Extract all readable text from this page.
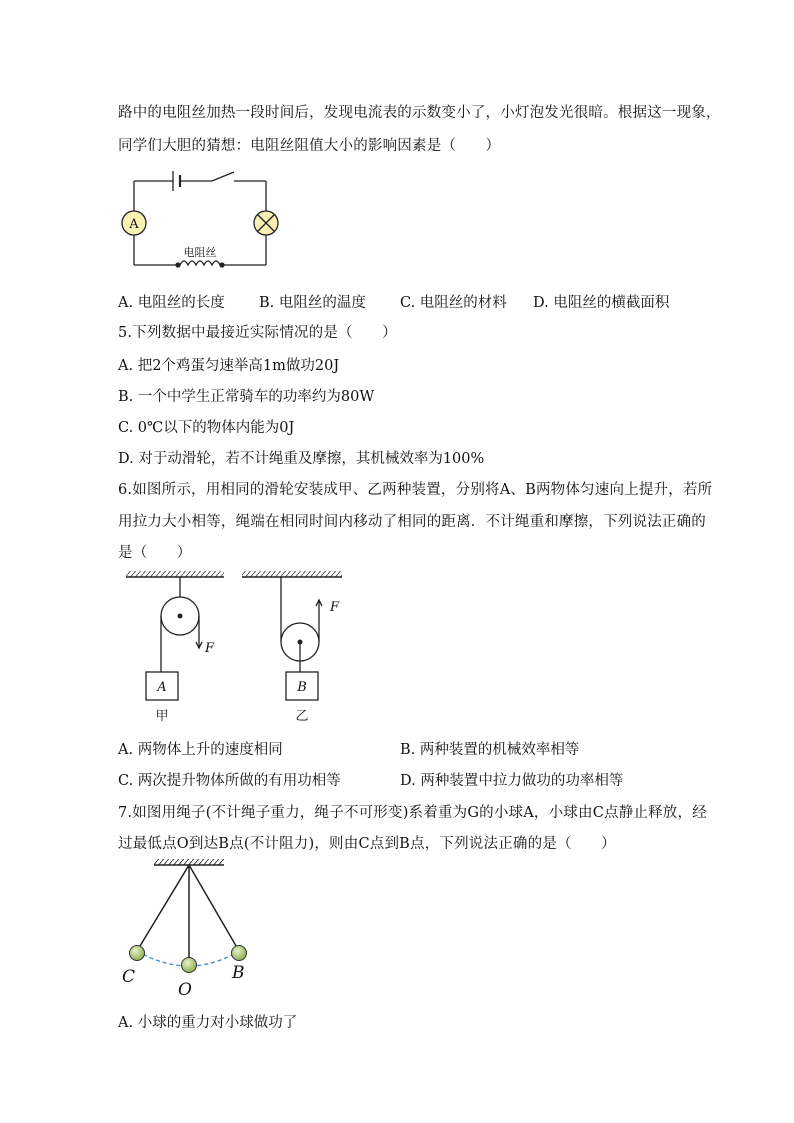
路中的电阻丝加热一段时间后，发现电流表的示数变小了，小灯泡发光很暗。根据这一现象，
同学们大胆的猜想：电阻丝阻值大小的影响因素是（　　）
A
电阻丝
A. 电阻丝的长度 B. 电阻丝的温度 C. 电阻丝的材料 D. 电阻丝的横截面积
5.下列数据中最接近实际情况的是（　　）
A. 把2个鸡蛋匀速举高1m做功20J
B. 一个中学生正常骑车的功率约为80W
C. 0℃以下的物体内能为0J
D. 对于动滑轮，若不计绳重及摩擦，其机械效率为100%
6.如图所示，用相同的滑轮安装成甲、乙两种装置，分别将A、B两物体匀速向上提升，若所
用拉力大小相等，绳端在相同时间内移动了相同的距离．不计绳重和摩擦，下列说法正确的
是（　　）
F
A
甲
F
B
乙
A. 两物体上升的速度相同	B. 两种装置的机械效率相等
C. 两次提升物体所做的有用功相等	D. 两种装置中拉力做功的功率相等
7.如图用绳子(不计绳子重力，绳子不可形变)系着重为G的小球A，小球由C点静止释放，经
过最低点O到达B点(不计阻力)，则由C点到B点，下列说法正确的是（　　）
C
O
B
A. 小球的重力对小球做功了
